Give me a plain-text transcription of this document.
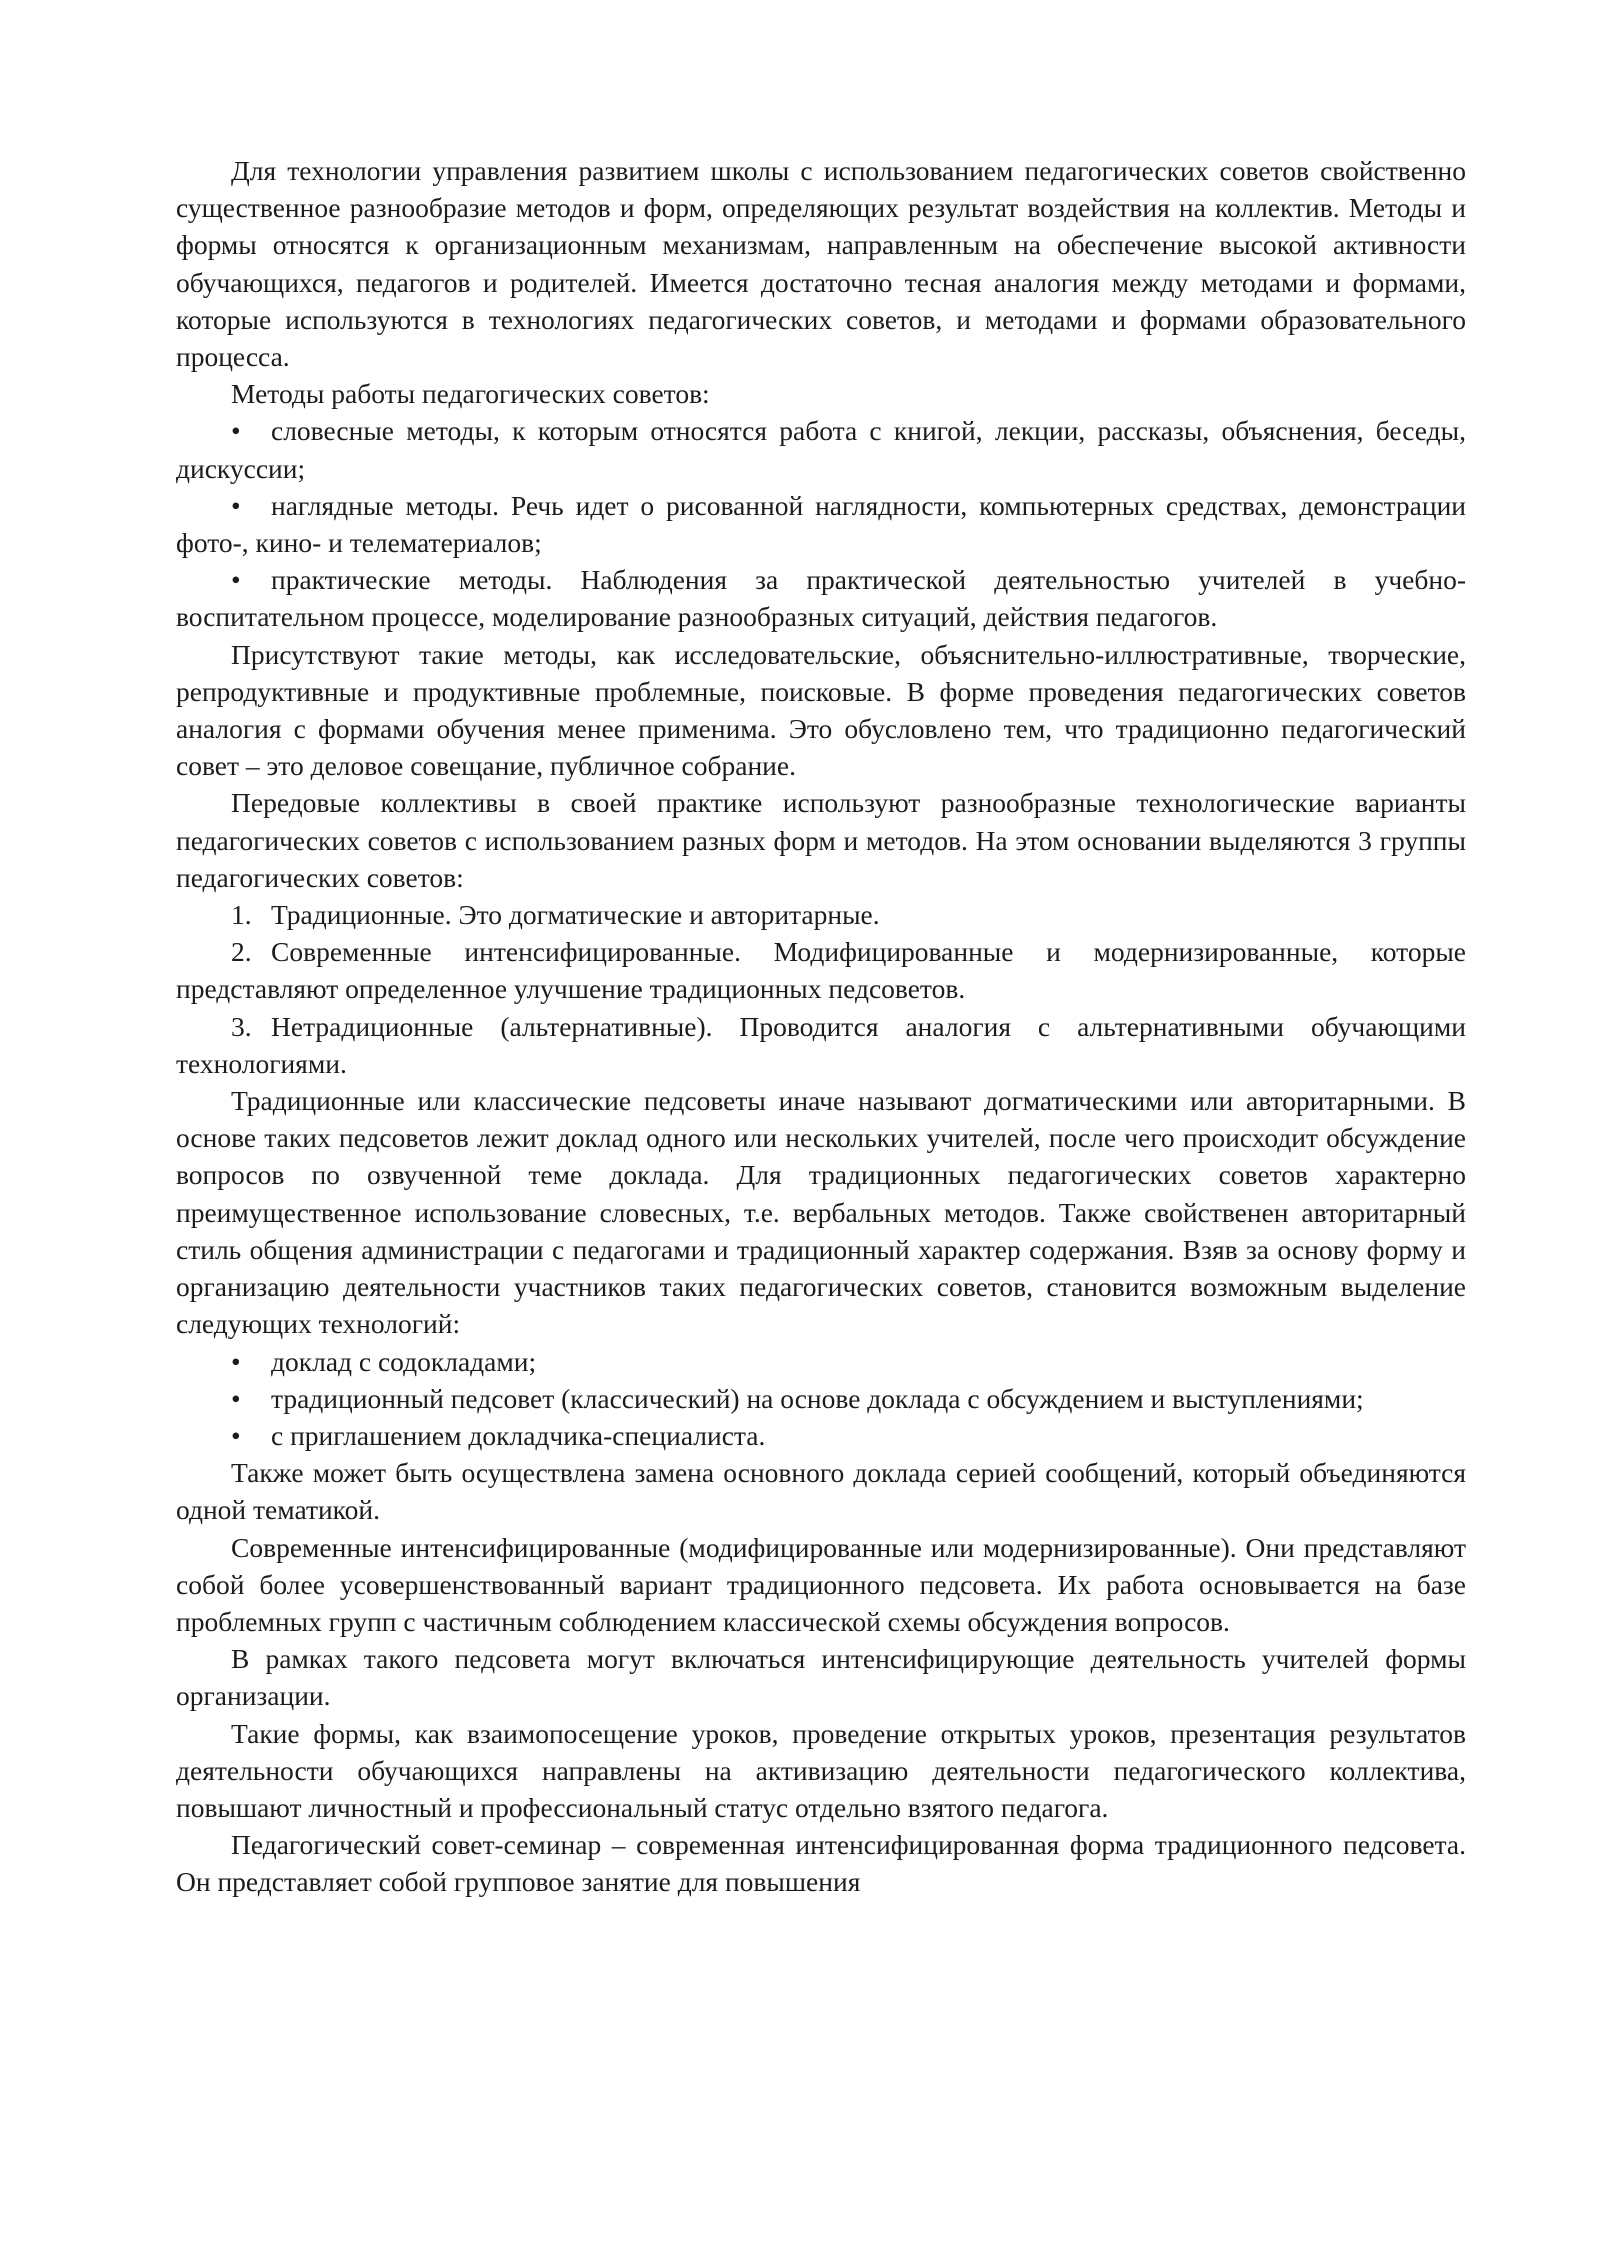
Для технологии управления развитием школы с использованием педагогических советов свойственно существенное разнообразие методов и форм, определяющих результат воздействия на коллектив. Методы и формы относятся к организационным механизмам, направленным на обеспечение высокой активности обучающихся, педагогов и родителей. Имеется достаточно тесная аналогия между методами и формами, которые используются в технологиях педагогических советов, и методами и формами образовательного процесса.

Методы работы педагогических советов:

• словесные методы, к которым относятся работа с книгой, лекции, рассказы, объяснения, беседы, дискуссии;

• наглядные методы. Речь идет о рисованной наглядности, компьютерных средствах, демонстрации фото-, кино- и телематериалов;

• практические методы. Наблюдения за практической деятельностью учителей в учебно-воспитательном процессе, моделирование разнообразных ситуаций, действия педагогов.

Присутствуют такие методы, как исследовательские, объяснительно-иллюстративные, творческие, репродуктивные и продуктивные проблемные, поисковые. В форме проведения педагогических советов аналогия с формами обучения менее применима. Это обусловлено тем, что традиционно педагогический совет – это деловое совещание, публичное собрание.

Передовые коллективы в своей практике используют разнообразные технологические варианты педагогических советов с использованием разных форм и методов. На этом основании выделяются 3 группы педагогических советов:

1. Традиционные. Это догматические и авторитарные.

2. Современные интенсифицированные. Модифицированные и модернизированные, которые представляют определенное улучшение традиционных педсоветов.

3. Нетрадиционные (альтернативные). Проводится аналогия с альтернативными обучающими технологиями.

Традиционные или классические педсоветы иначе называют догматическими или авторитарными. В основе таких педсоветов лежит доклад одного или нескольких учителей, после чего происходит обсуждение вопросов по озвученной теме доклада. Для традиционных педагогических советов характерно преимущественное использование словесных, т.е. вербальных методов. Также свойственен авторитарный стиль общения администрации с педагогами и традиционный характер содержания. Взяв за основу форму и организацию деятельности участников таких педагогических советов, становится возможным выделение следующих технологий:

• доклад с содокладами;

• традиционный педсовет (классический) на основе доклада с обсуждением и выступлениями;

• с приглашением докладчика-специалиста.

Также может быть осуществлена замена основного доклада серией сообщений, который объединяются одной тематикой.

Современные интенсифицированные (модифицированные или модернизированные). Они представляют собой более усовершенствованный вариант традиционного педсовета. Их работа основывается на базе проблемных групп с частичным соблюдением классической схемы обсуждения вопросов.

В рамках такого педсовета могут включаться интенсифицирующие деятельность учителей формы организации.

Такие формы, как взаимопосещение уроков, проведение открытых уроков, презентация результатов деятельности обучающихся направлены на активизацию деятельности педагогического коллектива, повышают личностный и профессиональный статус отдельно взятого педагога.

Педагогический совет-семинар – современная интенсифицированная форма традиционного педсовета. Он представляет собой групповое занятие для повышения
